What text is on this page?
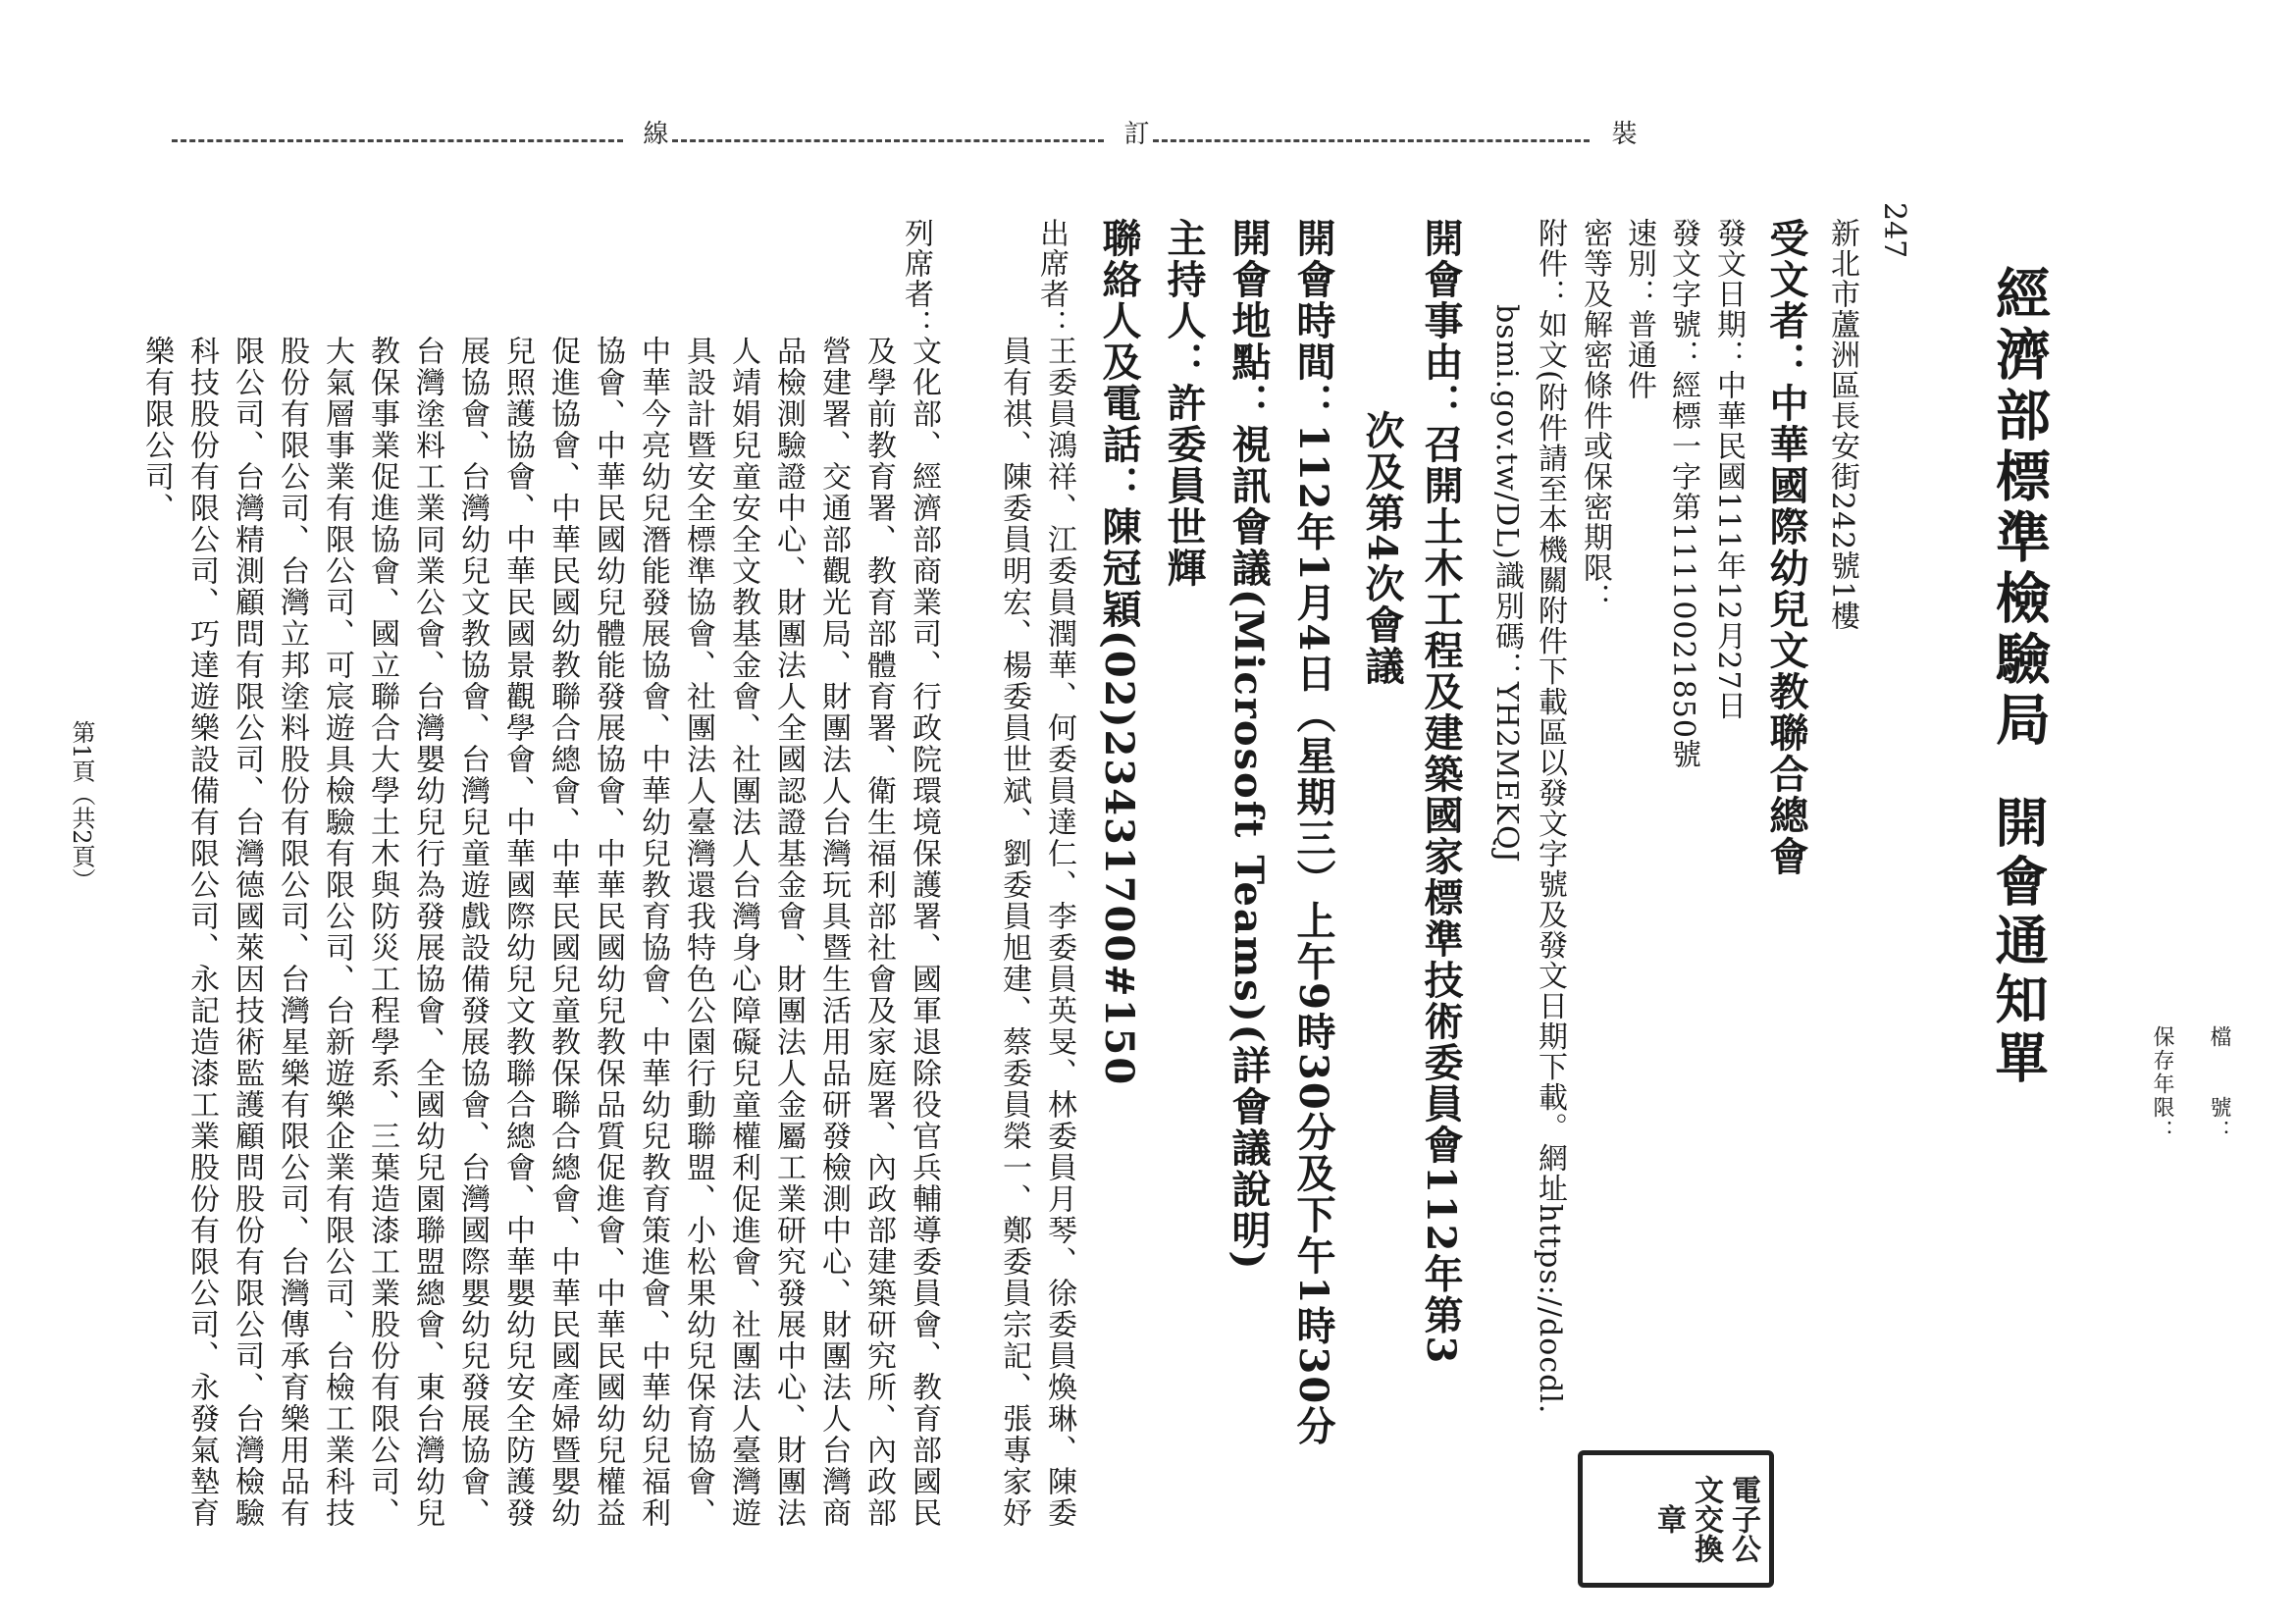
線	訂	裝
檔　　號：
保存年限：
經濟部標準檢驗局
開會通知單
247
新北市蘆洲區長安街242號1樓
受文者：中華國際幼兒文教聯合總會
發文日期：中華民國111年12月27日
發文字號：經標一字第11110021850號
速別：普通件
密等及解密條件或保密期限：
附件：如文(附件請至本機關附件下載區以發文字號及發文日期下載。網址https://docdl.
bsmi.gov.tw/DL)識別碼：YH2MEKQJ
開會事由：召開土木工程及建築國家標準技術委員會112年第3
次及第4次會議
開會時間：112年1月4日（星期三）上午9時30分及下午1時30分
開會地點：視訊會議(Microsoft Teams)(詳會議說明)
主持人：許委員世輝
聯絡人及電話：陳冠穎(02)23431700#150
出席者：
王委員鴻祥、江委員潤華、何委員達仁、李委員英旻、林委員月琴、徐委員煥琳、陳委員有祺、陳委員明宏、楊委員世斌、劉委員旭建、蔡委員榮一、鄭委員宗記、張專家妤
列席者：
文化部、經濟部商業司、行政院環境保護署、國軍退除役官兵輔導委員會、教育部國民及學前教育署、教育部體育署、衛生福利部社會及家庭署、內政部建築研究所、內政部營建署、交通部觀光局、財團法人台灣玩具暨生活用品研發檢測中心、財團法人台灣商品檢測驗證中心、財團法人全國認證基金會、財團法人金屬工業研究發展中心、財團法人靖娟兒童安全文教基金會、社團法人台灣身心障礙兒童權利促進會、社團法人臺灣遊具設計暨安全標準協會、社團法人臺灣還我特色公園行動聯盟、小松果幼兒保育協會、中華今亮幼兒潛能發展協會、中華幼兒教育協會、中華幼兒教育策進會、中華幼兒福利協會、中華民國幼兒體能發展協會、中華民國幼兒教保品質促進會、中華民國幼兒權益促進協會、中華民國幼教聯合總會、中華民國兒童教保聯合總會、中華民國產婦暨嬰幼兒照護協會、中華民國景觀學會、中華國際幼兒文教聯合總會、中華嬰幼兒安全防護發展協會、台灣幼兒文教協會、台灣兒童遊戲設備發展協會、台灣國際嬰幼兒發展協會、台灣塗料工業同業公會、台灣嬰幼兒行為發展協會、全國幼兒園聯盟總會、東台灣幼兒教保事業促進協會、國立聯合大學土木與防災工程學系、三葉造漆工業股份有限公司、大氣層事業有限公司、可宸遊具檢驗有限公司、台新遊樂企業有限公司、台檢工業科技股份有限公司、台灣立邦塗料股份有限公司、台灣星樂有限公司、台灣傳承育樂用品有限公司、台灣精測顧問有限公司、台灣德國萊因技術監護顧問股份有限公司、台灣檢驗科技股份有限公司、巧達遊樂設備有限公司、永記造漆工業股份有限公司、永發氣墊育樂有限公司、
第1頁（共2頁）
電子公文交換章
